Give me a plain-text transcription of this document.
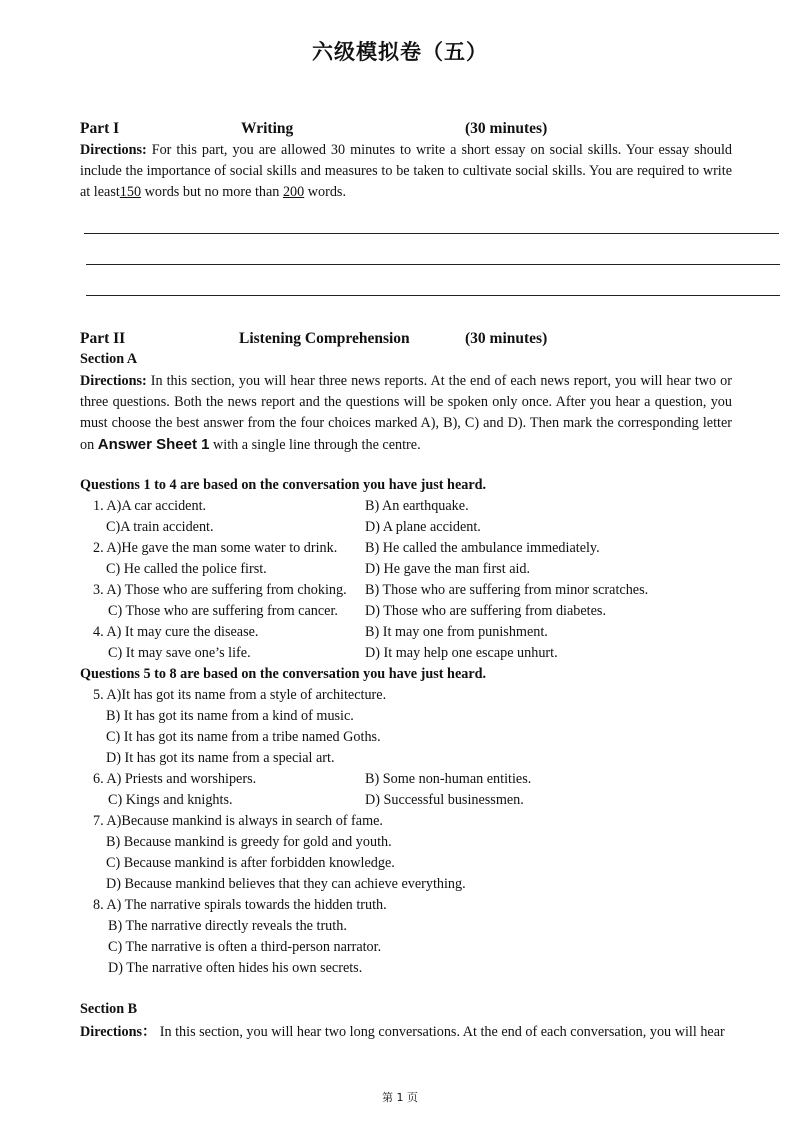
六级模拟卷（五）
Part I	Writing	(30 minutes)
Directions: For this part, you are allowed 30 minutes to write a short essay on social skills. Your essay should include the importance of social skills and measures to be taken to cultivate social skills. You are required to write at least150 words but no more than 200 words.
Part II	Listening Comprehension	(30 minutes)
Section A
Directions: In this section, you will hear three news reports. At the end of each news report, you will hear two or three questions. Both the news report and the questions will be spoken only once. After you hear a question, you must choose the best answer from the four choices marked A), B), C) and D). Then mark the corresponding letter on Answer Sheet 1 with a single line through the centre.
Questions 1 to 4 are based on the conversation you have just heard.
1. A)A car accident.	B) An earthquake.
C)A train accident.	D) A plane accident.
2. A)He gave the man some water to drink. B) He called the ambulance immediately.
C) He called the police first.	D) He gave the man first aid.
3. A) Those who are suffering from choking. B) Those who are suffering from minor scratches.
C) Those who are suffering from cancer. D) Those who are suffering from diabetes.
4. A) It may cure the disease.	B) It may one from punishment.
C) It may save one’s life.	D) It may help one escape unhurt.
Questions 5 to 8 are based on the conversation you have just heard.
5. A)It has got its name from a style of architecture.
B) It has got its name from a kind of music.
C) It has got its name from a tribe named Goths.
D) It has got its name from a special art.
6. A) Priests and worshipers.	B) Some non-human entities.
C) Kings and knights.	D) Successful businessmen.
7. A)Because mankind is always in search of fame.
B) Because mankind is greedy for gold and youth.
C) Because mankind is after forbidden knowledge.
D) Because mankind believes that they can achieve everything.
8. A) The narrative spirals towards the hidden truth.
B) The narrative directly reveals the truth.
C) The narrative is often a third-person narrator.
D) The narrative often hides his own secrets.
Section B
Directions： In this section, you will hear two long conversations. At the end of each conversation, you will hear
第 1 页
